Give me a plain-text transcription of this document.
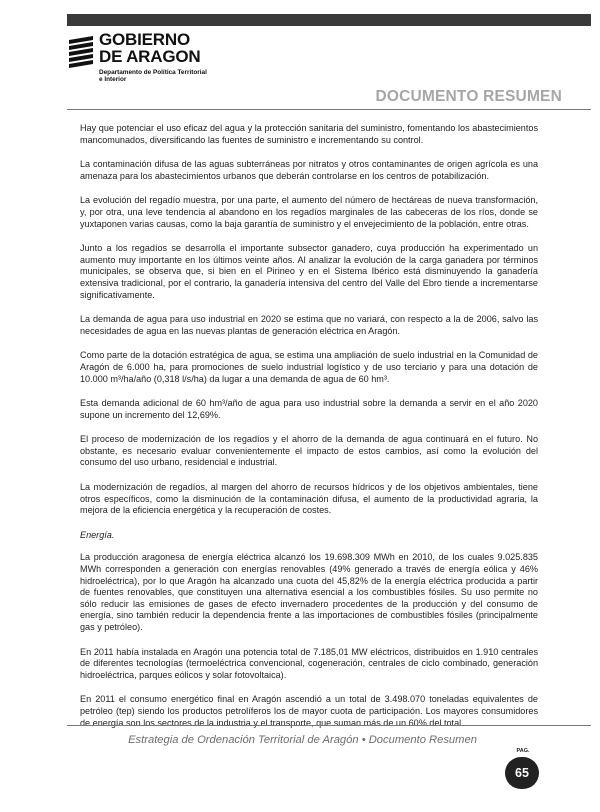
GOBIERNO
DE ARAGON
Departamento de Política Territorial
e Interior
DOCUMENTO RESUMEN

Hay que potenciar el uso eficaz del agua y la protección sanitaria del suministro, fomentando los abastecimientos mancomunados, diversificando las fuentes de suministro e incrementando su control.

La contaminación difusa de las aguas subterráneas por nitratos y otros contaminantes de origen agrícola es una amenaza para los abastecimientos urbanos que deberán controlarse en los centros de potabilización.

La evolución del regadío muestra, por una parte, el aumento del número de hectáreas de nueva transformación, y, por otra, una leve tendencia al abandono en los regadíos marginales de las cabeceras de los ríos, donde se yuxtaponen varias causas, como la baja garantía de suministro y el envejecimiento de la población, entre otras.

Junto a los regadíos se desarrolla el importante subsector ganadero, cuya producción ha experimentado un aumento muy importante en los últimos veinte años. Al analizar la evolución de la carga ganadera por términos municipales, se observa que, si bien en el Pirineo y en el Sistema Ibérico está disminuyendo la ganadería extensiva tradicional, por el contrario, la ganadería intensiva del centro del Valle del Ebro tiende a incrementarse significativamente.

La demanda de agua para uso industrial en 2020 se estima que no variará, con respecto a la de 2006, salvo las necesidades de agua en las nuevas plantas de generación eléctrica en Aragón.

Como parte de la dotación estratégica de agua, se estima una ampliación de suelo industrial en la Comunidad de Aragón de 6.000 ha, para promociones de suelo industrial logístico y de uso terciario y para una dotación de 10.000 m³/ha/año (0,318 l/s/ha) da lugar a una demanda de agua de 60 hm³.

Esta demanda adicional de 60 hm³/año de agua para uso industrial sobre la demanda a servir en el año 2020 supone un incremento del 12,69%.

El proceso de modernización de los regadíos y el ahorro de la demanda de agua continuará en el futuro. No obstante, es necesario evaluar convenientemente el impacto de estos cambios, así como la evolución del consumo del uso urbano, residencial e industrial.

La modernización de regadíos, al margen del ahorro de recursos hídricos y de los objetivos ambientales, tiene otros específicos, como la disminución de la contaminación difusa, el aumento de la productividad agraria, la mejora de la eficiencia energética y la recuperación de costes.

Energía.

La producción aragonesa de energía eléctrica alcanzó los 19.698.309 MWh en 2010, de los cuales 9.025.835 MWh corresponden a generación con energías renovables (49% generado a través de energía eólica y 46% hidroeléctrica), por lo que Aragón ha alcanzado una cuota del 45,82% de la energía eléctrica producida a partir de fuentes renovables, que constituyen una alternativa esencial a los combustibles fósiles. Su uso permite no sólo reducir las emisiones de gases de efecto invernadero procedentes de la producción y del consumo de energía, sino también reducir la dependencia frente a las importaciones de combustibles fósiles (principalmente gas y petróleo).

En 2011 había instalada en Aragón una potencia total de 7.185,01 MW eléctricos, distribuidos en 1.910 centrales de diferentes tecnologías (termoeléctrica convencional, cogeneración, centrales de ciclo combinado, generación hidroeléctrica, parques eólicos y solar fotovoltaica).

En 2011 el consumo energético final en Aragón ascendió a un total de 3.498.070 toneladas equivalentes de petróleo (tep) siendo los productos petrolíferos los de mayor cuota de participación. Los mayores consumidores de energía son los sectores de la industria y el transporte, que suman más de un 60% del total

Estrategia de Ordenación Territorial de Aragón • Documento Resumen
PAG.
65
